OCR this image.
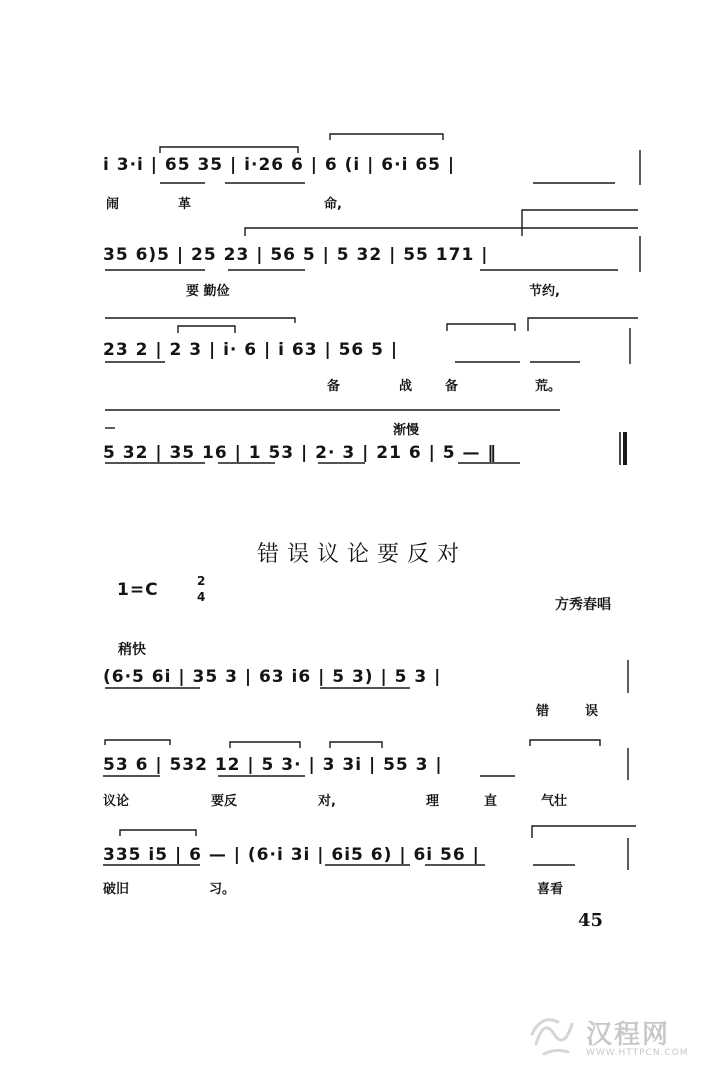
i 3·i | 65 35 | i·26 6 | 6 (i | 6·i 65 |
闹	革	命,
35 6)5 | 25 23 | 56 5 | 5 32 | 55 171 |
要 勤俭	节约,
23 2 | 2 3 | i· 6 | i 63 | 56 5 |
备	战	备	荒。
渐慢
5 32 | 35 16 | 1 53 | 2· 3 | 21 6 | 5 — ‖
错误议论要反对
1=C	2
4	方秀春唱
稍快
(6·5 6i | 35 3 | 63 i6 | 5 3) | 5 3 |
错	误
53 6 | 532 12 | 5 3· | 3 3i | 55 3 |
议论	要反	对,	理	直	气壮
335 i5 | 6 — | (6·i 3i | 6i5 6) | 6i 56 |
破旧	习。	喜看
45
汉程网
WWW.HTTPCN.COM
